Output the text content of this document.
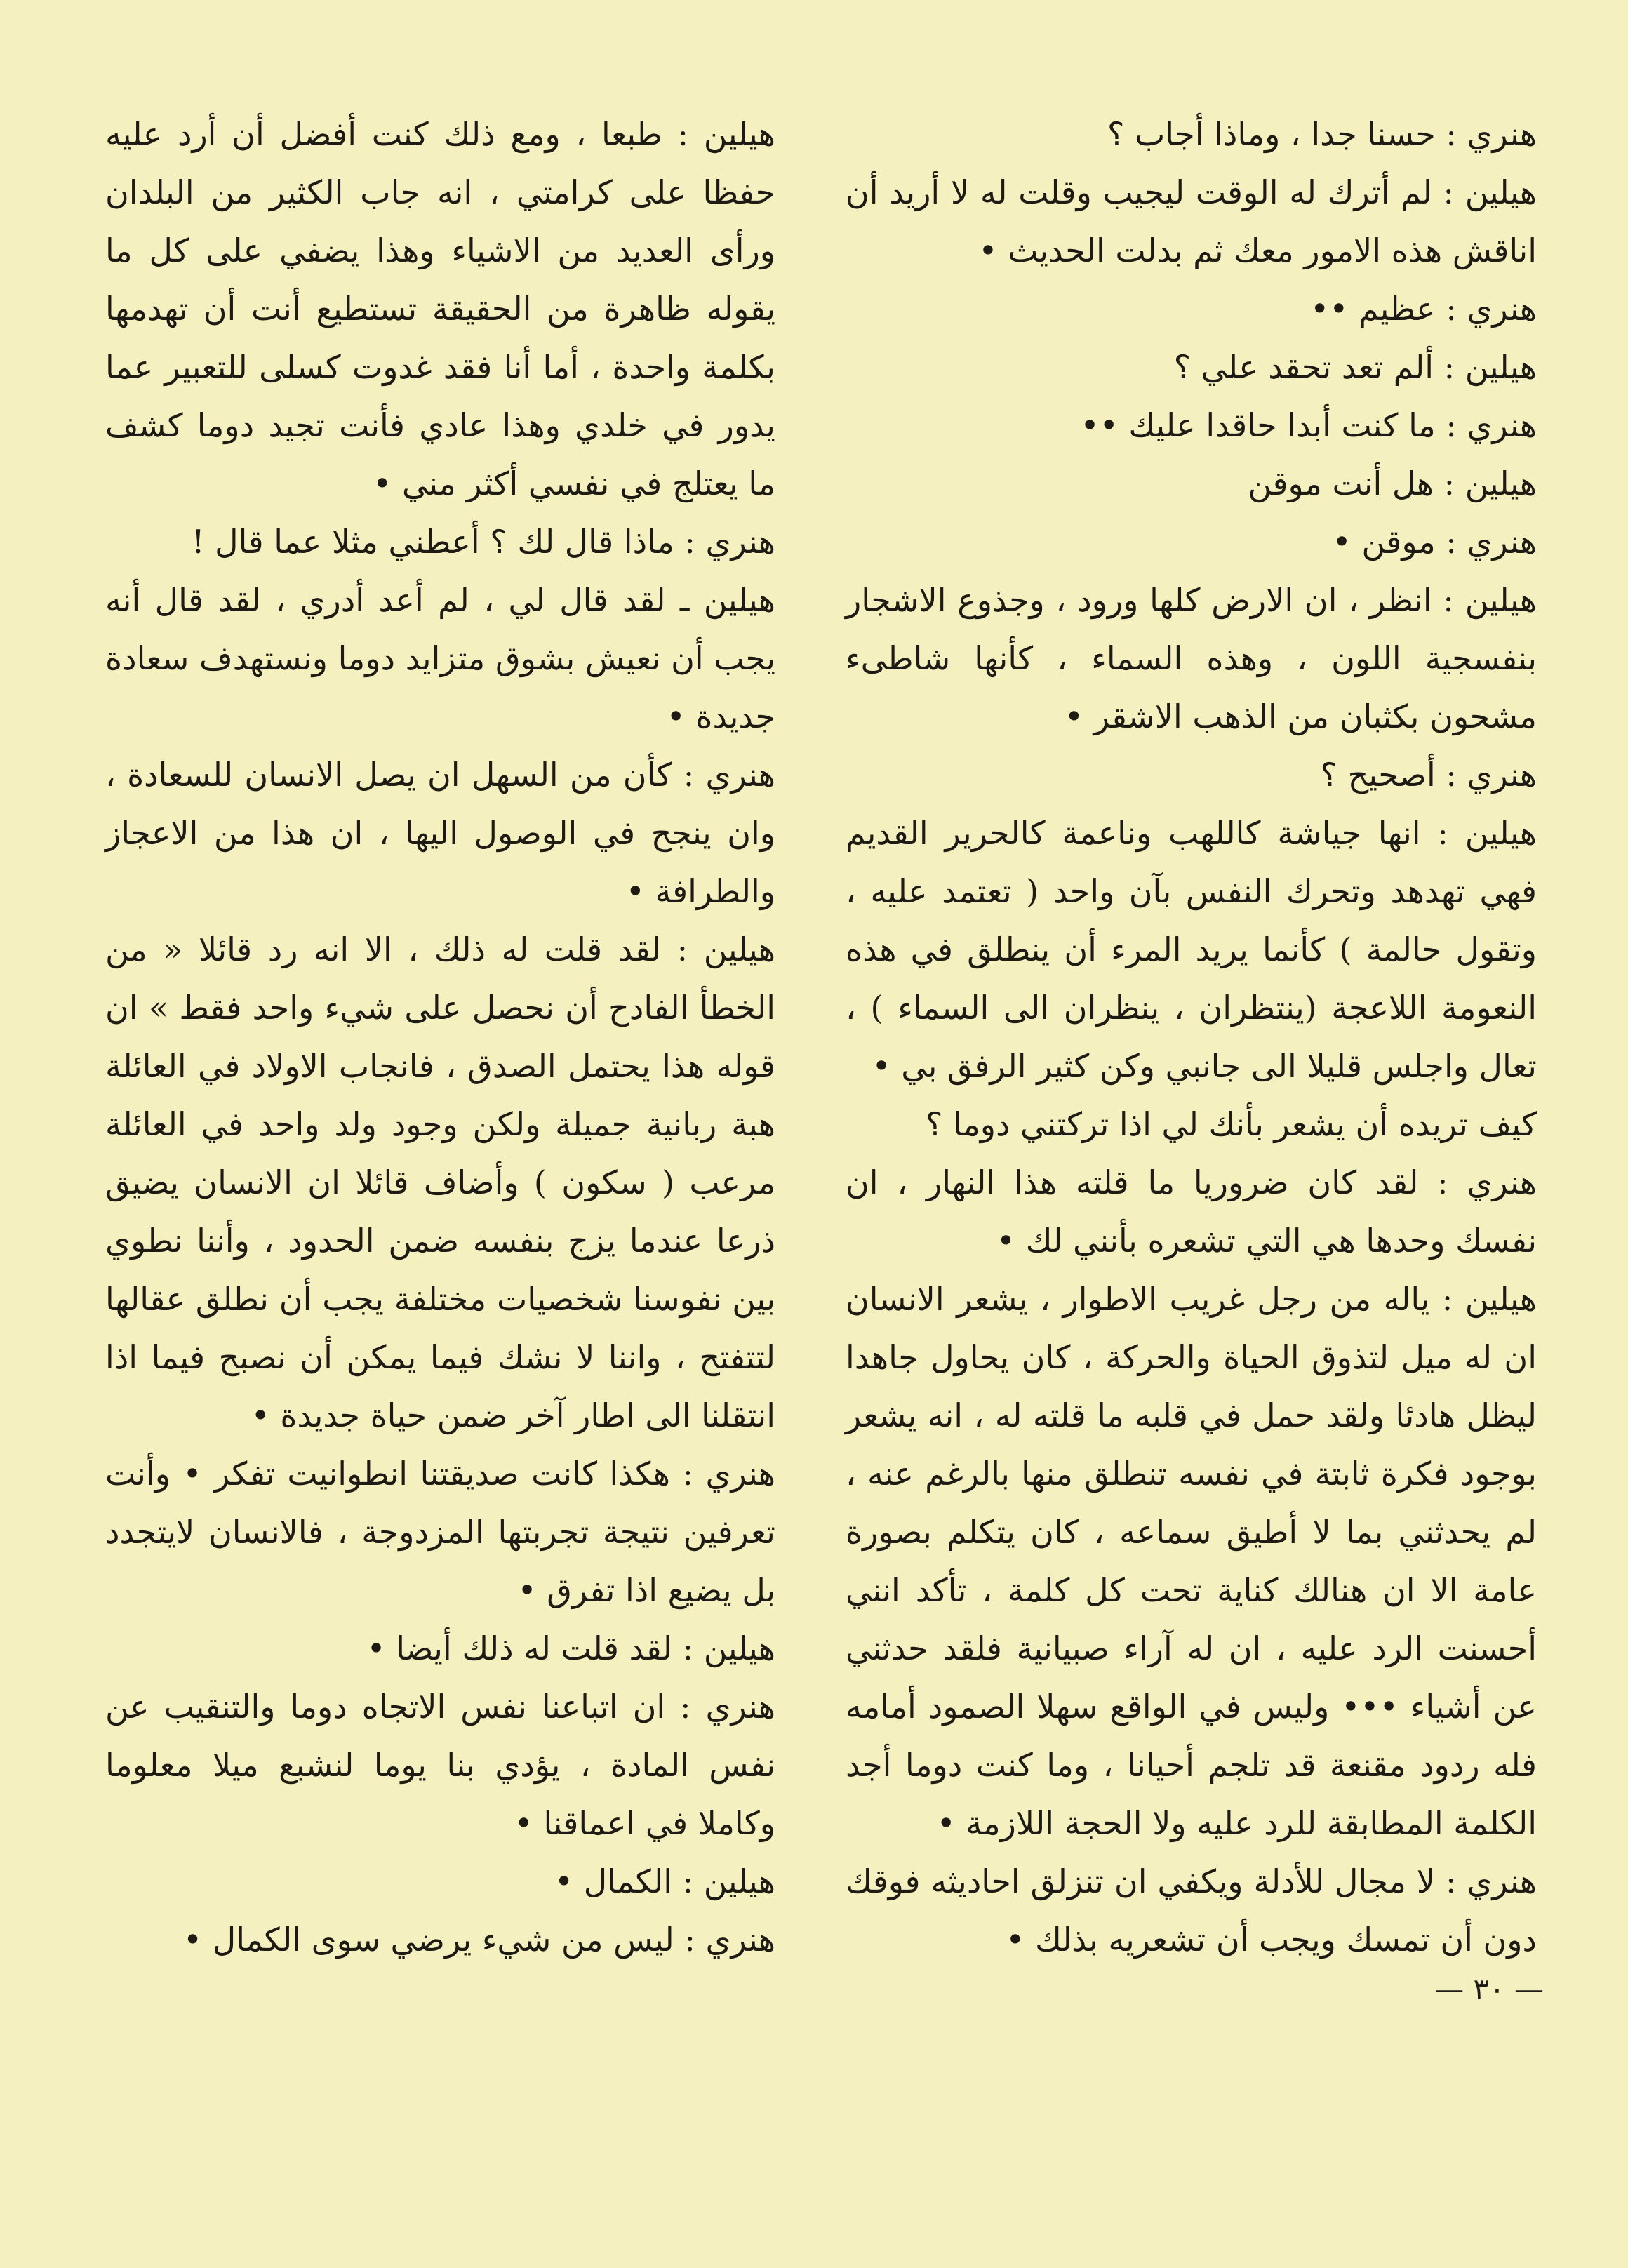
هنري : حسنا جدا ، وماذا أجاب ؟

هيلين : لم أترك له الوقت ليجيب وقلت له لا أريد أن اناقش هذه الامور معك ثم بدلت الحديث •

هنري : عظيم ••

هيلين : ألم تعد تحقد علي ؟

هنري : ما كنت أبدا حاقدا عليك ••

هيلين : هل أنت موقن

هنري : موقن •

هيلين : انظر ، ان الارض كلها ورود ، وجذوع الاشجار بنفسجية اللون ، وهذه السماء ، كأنها شاطىء مشحون بكثبان من الذهب الاشقر •

هنري : أصحيح ؟

هيلين : انها جياشة كاللهب وناعمة كالحرير القديم فهي تهدهد وتحرك النفس بآن واحد ( تعتمد عليه ، وتقول حالمة ) كأنما يريد المرء أن ينطلق في هذه النعومة اللاعجة (ينتظران ، ينظران الى السماء ) ، تعال واجلس قليلا الى جانبي وكن كثير الرفق بي •

كيف تريده أن يشعر بأنك لي اذا تركتني دوما ؟

هنري : لقد كان ضروريا ما قلته هذا النهار ، ان نفسك وحدها هي التي تشعره بأنني لك •

هيلين : ياله من رجل غريب الاطوار ، يشعر الانسان ان له ميل لتذوق الحياة والحركة ، كان يحاول جاهدا ليظل هادئا ولقد حمل في قلبه ما قلته له ، انه يشعر بوجود فكرة ثابتة في نفسه تنطلق منها بالرغم عنه ، لم يحدثني بما لا أطيق سماعه ، كان يتكلم بصورة عامة الا ان هنالك كناية تحت كل كلمة ، تأكد انني أحسنت الرد عليه ، ان له آراء صبيانية فلقد حدثني عن أشياء ••• وليس في الواقع سهلا الصمود أمامه فله ردود مقنعة قد تلجم أحيانا ، وما كنت دوما أجد الكلمة المطابقة للرد عليه ولا الحجة اللازمة •

هنري : لا مجال للأدلة ويكفي ان تنزلق احاديثه فوقك دون أن تمسك ويجب أن تشعريه بذلك •

هيلين : طبعا ، ومع ذلك كنت أفضل أن أرد عليه حفظا على كرامتي ، انه جاب الكثير من البلدان ورأى العديد من الاشياء وهذا يضفي على كل ما يقوله ظاهرة من الحقيقة تستطيع أنت أن تهدمها بكلمة واحدة ، أما أنا فقد غدوت كسلى للتعبير عما يدور في خلدي وهذا عادي فأنت تجيد دوما كشف ما يعتلج في نفسي أكثر مني •

هنري : ماذا قال لك ؟ أعطني مثلا عما قال !

هيلين ـ لقد قال لي ، لم أعد أدري ، لقد قال أنه يجب أن نعيش بشوق متزايد دوما ونستهدف سعادة جديدة •

هنري : كأن من السهل ان يصل الانسان للسعادة ، وان ينجح في الوصول اليها ، ان هذا من الاعجاز والطرافة •

هيلين : لقد قلت له ذلك ، الا انه رد قائلا « من الخطأ الفادح أن نحصل على شيء واحد فقط » ان قوله هذا يحتمل الصدق ، فانجاب الاولاد في العائلة هبة ربانية جميلة ولكن وجود ولد واحد في العائلة مرعب ( سكون ) وأضاف قائلا ان الانسان يضيق ذرعا عندما يزج بنفسه ضمن الحدود ، وأننا نطوي بين نفوسنا شخصيات مختلفة يجب أن نطلق عقالها لتتفتح ، واننا لا نشك فيما يمكن أن نصبح فيما اذا انتقلنا الى اطار آخر ضمن حياة جديدة •

هنري : هكذا كانت صديقتنا انطوانيت تفكر • وأنت تعرفين نتيجة تجربتها المزدوجة ، فالانسان لايتجدد بل يضيع اذا تفرق •

هيلين : لقد قلت له ذلك أيضا •

هنري : ان اتباعنا نفس الاتجاه دوما والتنقيب عن نفس المادة ، يؤدي بنا يوما لنشبع ميلا معلوما وكاملا في اعماقنا •

هيلين : الكمال •

هنري : ليس من شيء يرضي سوى الكمال •

— ٣٠ —
